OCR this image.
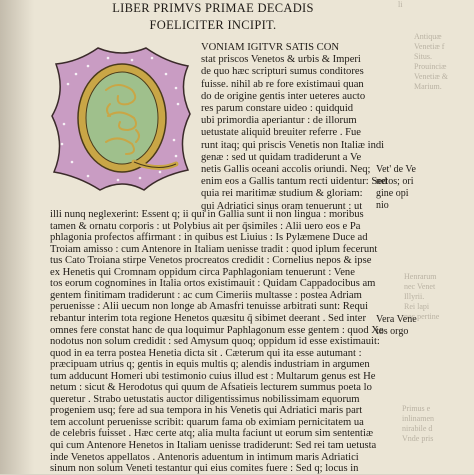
li
Antiquæ
Venetiæ f
Situs.
Prouinciæ
Venetiæ &
Marium.
Henrarum
nec Venet
Illyrii.
Rei lapi
nec pertine
Primus e
inlinamen
nirabile d
Vnde pris
LIBER PRIMVS PRIMAE DECADIS
FOELICITER INCIPIT.
VONIAM IGITVR SATIS CON
stat priscos Venetos & urbis & Imperi
de quo hæc scripturi sumus conditores
fuisse. nihil ab re fore existimaui quan
do de origine gentis inter ueteres aucto
res parum constare uideo : quidquid
ubi primordia aperiantur : de illorum
uetustate aliquid breuiter referre . Fue
runt itaq; qui priscis Venetis non Italiæ indi
genæ : sed ut quidam tradiderunt a Ve
netis Gallis oceani accolis oriundi. Neq;
enim eos a Gallis tantum recti uidentur: Sed
quia rei maritimæ studium & gloriam:
qui Adriatici sinus oram tenuerunt : ut
illi nunq neglexerint: Essent q; ii qui in Gallia sunt ii non lingua : moribus
tamen & ornatu corporis : ut Polybius ait per q̄similes : Alii uero eos e Pa
phlagonia profectos affirmant : in quibus est Liuius : Is Pylæmene Duce ad
Troiam amisso : cum Antenore in Italiam uenisse tradit : quod iplum fecerunt
tus Cato Troiana stirpe Venetos procreatos credidit : Cornelius nepos & ipse
ex Henetis qui Cromnam oppidum circa Paphlagoniam tenuerunt : Vene
tos eorum cognomines in Italia ortos existimauit : Quidam Cappadocibus am
gentem finitimam tradiderunt : ac cum Cimeriis multasse : postea Adriam
peruenisse : Alii uecum non longe ab Amasfri tenuisse arbitrati sunt: Requi
rebantur interim tota regione Henetos quæsitu q̄ sibimet deerant . Sed inter
omnes fere constat hanc de qua loquimur Paphlagonum esse gentem : quod Xe
nodotus non solum credidit : sed Amysum quoq; oppidum id esse existimauit:
quod in ea terra postea Henetia dicta sit . Cæterum qui ita esse autumant :
præcipuam utrius q; gentis in equis multis q; alendis industriam in argumen
tum adducunt Homeri ubi testimonio cuius illud est : Multarum genus est He
netum : sicut & Herodotus qui quum de Afsatieis lecturem summus poeta lo
queretur . Strabo uetustatis auctor diligentissimus nobilissimam equorum
progeniem usq; fere ad sua tempora in his Venetis qui Adriatici maris part
tem accolunt peruenisse scribit: quarum fama ob eximiam pernicitatem ua
de celebris fuisset . Hæc certe atq; alia multa faciunt ut eorum sim sententiæ
qui cum Antenore Henetos in Italiam uenisse tradiderunt: Sed rei tam uetusta
inde Venetos appellatos . Antenoris aduentum in intimum maris Adriatici
sinum non solum Veneti testantur qui eius comites fuere : Sed q; locus in
Vet' de Ve
netos; ori
gine opi
nio
Vera Vene
tos orgo
